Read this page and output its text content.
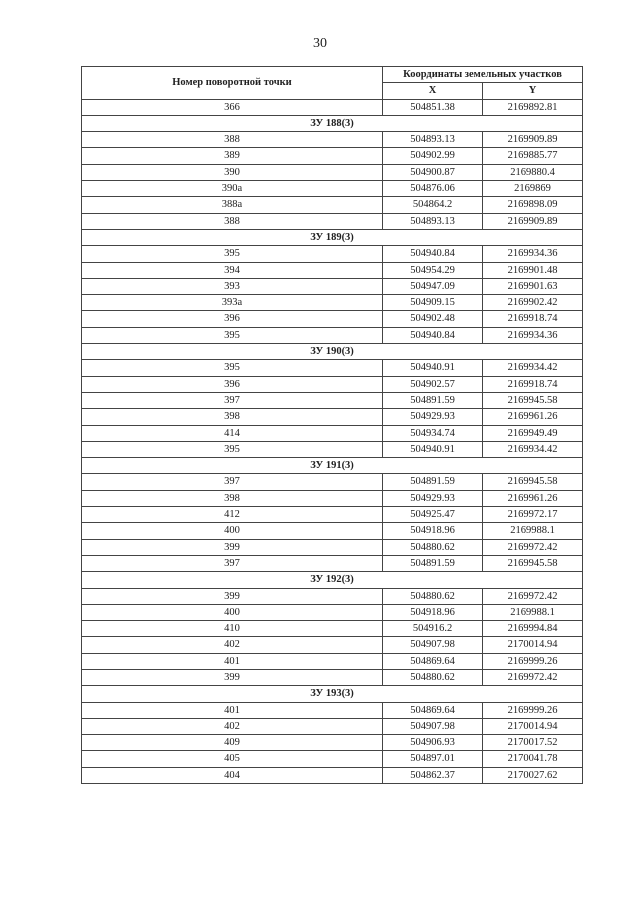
30
Номер поворотной точки	Координаты земельных участков	
	X	Y
366	504851.38	2169892.81
ЗУ 188(3)		
388	504893.13	2169909.89
389	504902.99	2169885.77
390	504900.87	2169880.4
390а	504876.06	2169869
388а	504864.2	2169898.09
388	504893.13	2169909.89
ЗУ 189(3)		
395	504940.84	2169934.36
394	504954.29	2169901.48
393	504947.09	2169901.63
393а	504909.15	2169902.42
396	504902.48	2169918.74
395	504940.84	2169934.36
ЗУ 190(3)		
395	504940.91	2169934.42
396	504902.57	2169918.74
397	504891.59	2169945.58
398	504929.93	2169961.26
414	504934.74	2169949.49
395	504940.91	2169934.42
ЗУ 191(3)		
397	504891.59	2169945.58
398	504929.93	2169961.26
412	504925.47	2169972.17
400	504918.96	2169988.1
399	504880.62	2169972.42
397	504891.59	2169945.58
ЗУ 192(3)		
399	504880.62	2169972.42
400	504918.96	2169988.1
410	504916.2	2169994.84
402	504907.98	2170014.94
401	504869.64	2169999.26
399	504880.62	2169972.42
ЗУ 193(3)		
401	504869.64	2169999.26
402	504907.98	2170014.94
409	504906.93	2170017.52
405	504897.01	2170041.78
404	504862.37	2170027.62
